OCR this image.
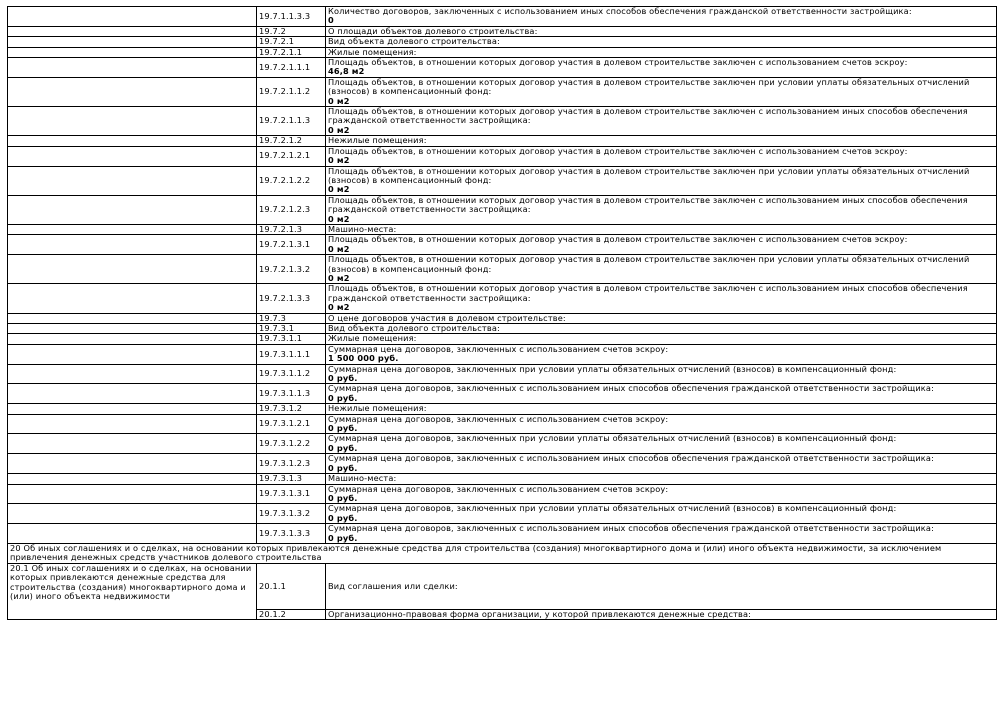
	19.7.1.1.3.3	Количество договоров, заключенных с использованием иных способов обеспечения гражданской ответственности застройщика:
0

	19.7.2	О площади объектов долевого строительства:

	19.7.2.1	Вид объекта долевого строительства:

	19.7.2.1.1	Жилые помещения:

	19.7.2.1.1.1	Площадь объектов, в отношении которых договор участия в долевом строительстве заключен с использованием счетов эскроу:
46,8 м2

	19.7.2.1.1.2	Площадь объектов, в отношении которых договор участия в долевом строительстве заключен при условии уплаты обязательных отчислений (взносов) в компенсационный фонд:
0 м2

	19.7.2.1.1.3	Площадь объектов, в отношении которых договор участия в долевом строительстве заключен с использованием иных способов обеспечения гражданской ответственности застройщика:
0 м2

	19.7.2.1.2	Нежилые помещения:

	19.7.2.1.2.1	Площадь объектов, в отношении которых договор участия в долевом строительстве заключен с использованием счетов эскроу:
0 м2

	19.7.2.1.2.2	Площадь объектов, в отношении которых договор участия в долевом строительстве заключен при условии уплаты обязательных отчислений (взносов) в компенсационный фонд:
0 м2

	19.7.2.1.2.3	Площадь объектов, в отношении которых договор участия в долевом строительстве заключен с использованием иных способов обеспечения гражданской ответственности застройщика:
0 м2

	19.7.2.1.3	Машино-места:

	19.7.2.1.3.1	Площадь объектов, в отношении которых договор участия в долевом строительстве заключен с использованием счетов эскроу:
0 м2

	19.7.2.1.3.2	Площадь объектов, в отношении которых договор участия в долевом строительстве заключен при условии уплаты обязательных отчислений (взносов) в компенсационный фонд:
0 м2

	19.7.2.1.3.3	Площадь объектов, в отношении которых договор участия в долевом строительстве заключен с использованием иных способов обеспечения гражданской ответственности застройщика:
0 м2

	19.7.3	О цене договоров участия в долевом строительстве:

	19.7.3.1	Вид объекта долевого строительства:

	19.7.3.1.1	Жилые помещения:

	19.7.3.1.1.1	Суммарная цена договоров, заключенных с использованием счетов эскроу:
1 500 000 руб.

	19.7.3.1.1.2	Суммарная цена договоров, заключенных при условии уплаты обязательных отчислений (взносов) в компенсационный фонд:
0 руб.

	19.7.3.1.1.3	Суммарная цена договоров, заключенных с использованием иных способов обеспечения гражданской ответственности застройщика:
0 руб.

	19.7.3.1.2	Нежилые помещения:

	19.7.3.1.2.1	Суммарная цена договоров, заключенных с использованием счетов эскроу:
0 руб.

	19.7.3.1.2.2	Суммарная цена договоров, заключенных при условии уплаты обязательных отчислений (взносов) в компенсационный фонд:
0 руб.

	19.7.3.1.2.3	Суммарная цена договоров, заключенных с использованием иных способов обеспечения гражданской ответственности застройщика:
0 руб.

	19.7.3.1.3	Машино-места:

	19.7.3.1.3.1	Суммарная цена договоров, заключенных с использованием счетов эскроу:
0 руб.

	19.7.3.1.3.2	Суммарная цена договоров, заключенных при условии уплаты обязательных отчислений (взносов) в компенсационный фонд:
0 руб.

	19.7.3.1.3.3	Суммарная цена договоров, заключенных с использованием иных способов обеспечения гражданской ответственности застройщика:
0 руб.

20 Об иных соглашениях и о сделках, на основании которых привлекаются денежные средства для строительства (создания) многоквартирного дома и (или) иного объекта недвижимости, за исключением привлечения денежных средств участников долевого строительства		
20.1 Об иных соглашениях и о сделках, на основании которых привлекаются денежные средства для строительства (создания) многоквартирного дома и (или) иного объекта недвижимости	20.1.1	Вид соглашения или сделки:
	20.1.2	Организационно-правовая форма организации, у которой привлекаются денежные средства:
